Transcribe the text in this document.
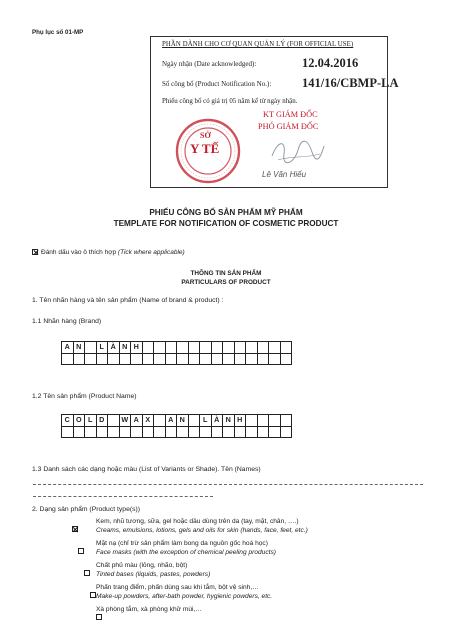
Phụ lục số 01-MP
PHẦN DÀNH CHO CƠ QUAN QUẢN LÝ (FOR OFFICIAL USE)
Ngày nhận (Date acknowledged):	12.04.2016
Số công bố (Product Notification No.): 141/16/CBMP-LA
Phiếu công bố có giá trị 05 năm kể từ ngày nhận.
SỞ
Y TẾ
KT GIÁM ĐỐC
PHÓ GIÁM ĐỐC
Lê Văn Hiếu
PHIẾU CÔNG BỐ SẢN PHẨM MỸ PHẨM
TEMPLATE FOR NOTIFICATION OF COSMETIC PRODUCT
Đánh dấu vào ô thích hợp (Tick where applicable)
THÔNG TIN SẢN PHẨM
PARTICULARS OF PRODUCT
1. Tên nhãn hàng và tên sản phẩm (Name of brand & product) :
1.1 Nhãn hàng (Brand)
A N	L À N H
1.2 Tên sản phẩm (Product Name)
C O L D	W A X	A N	L À N H
1.3 Danh sách các dạng hoặc màu (List of Variants or Shade). Tên (Names)
2. Dạng sản phẩm (Product type(s))
Kem, nhũ tương, sữa, gel hoặc dầu dùng trên da (tay, mặt, chân, ….)
Creams, emulsions, lotions, gels and oils for skin (hands, face, feet, etc.)
Mặt nạ (chỉ trừ sản phẩm làm bong da nguồn gốc hoá học)
Face masks (with the exception of chemical peeling products)
Chất phủ màu (lỏng, nhão, bột)
Tinted bases (liquids, pastes, powders)
Phấn trang điểm, phấn dùng sau khi tắm, bột vệ sinh,…
Make-up powders, after-bath powder, hygienic powders, etc.
Xà phòng tắm, xà phòng khử mùi,…
